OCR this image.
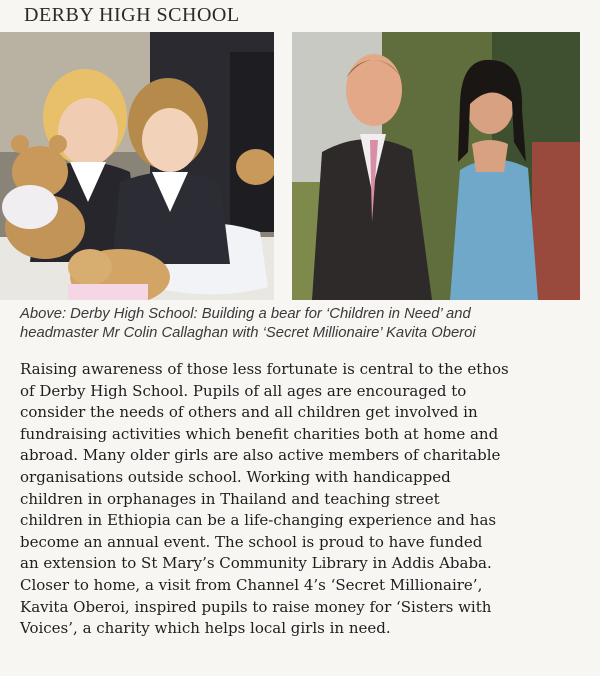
DERBY HIGH SCHOOL
Above: Derby High School: Building a bear for ‘Children in Need’ and
headmaster Mr Colin Callaghan with ‘Secret Millionaire’ Kavita Oberoi
Raising awareness of those less fortunate is central to the ethos
of Derby High School. Pupils of all ages are encouraged to
consider the needs of others and all children get involved in
fundraising activities which benefit charities both at home and
abroad. Many older girls are also active members of charitable
organisations outside school. Working with handicapped
children in orphanages in Thailand and teaching street
children in Ethiopia can be a life-changing experience and has
become an annual event. The school is proud to have funded
an extension to St Mary’s Community Library in Addis Ababa.
Closer to home, a visit from Channel 4’s ‘Secret Millionaire’,
Kavita Oberoi, inspired pupils to raise money for ‘Sisters with
Voices’, a charity which helps local girls in need.
